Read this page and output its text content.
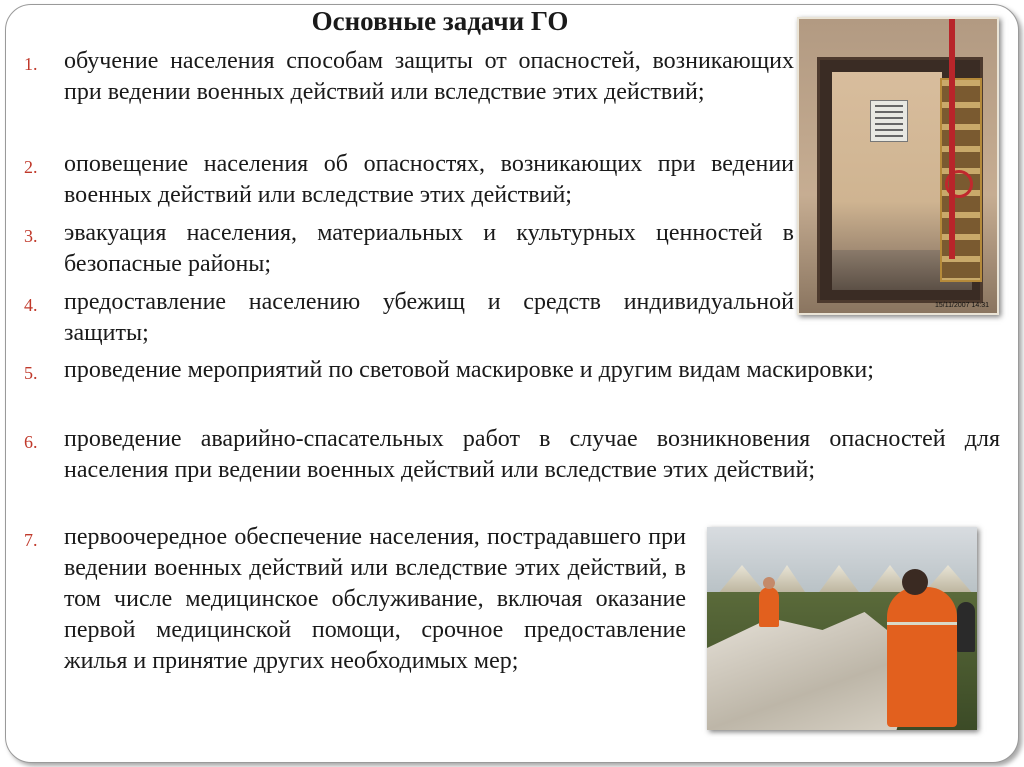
Основные задачи ГО
1.	обучение населения способам защиты от опасностей, возникающих при ведении военных действий или вследствие этих действий;
2.	оповещение населения об опасностях, возникающих при ведении военных действий или вследствие этих действий;
3.	эвакуация населения, материальных и культурных ценностей в безопасные районы;
4.	предоставление населению убежищ и средств индивидуальной защиты;
5.	проведение мероприятий по световой маскировке и другим видам маскировки;
6.	проведение аварийно-спасательных работ в случае возникновения опасностей для населения при ведении военных действий или вследствие этих действий;
7.	первоочередное обеспечение населения, пострадавшего при ведении военных действий или вследствие этих действий, в том числе медицинское обслуживание, включая оказание первой медицинской помощи, срочное предоставление жилья и принятие других необходимых мер;
15/11/2007 14:31
